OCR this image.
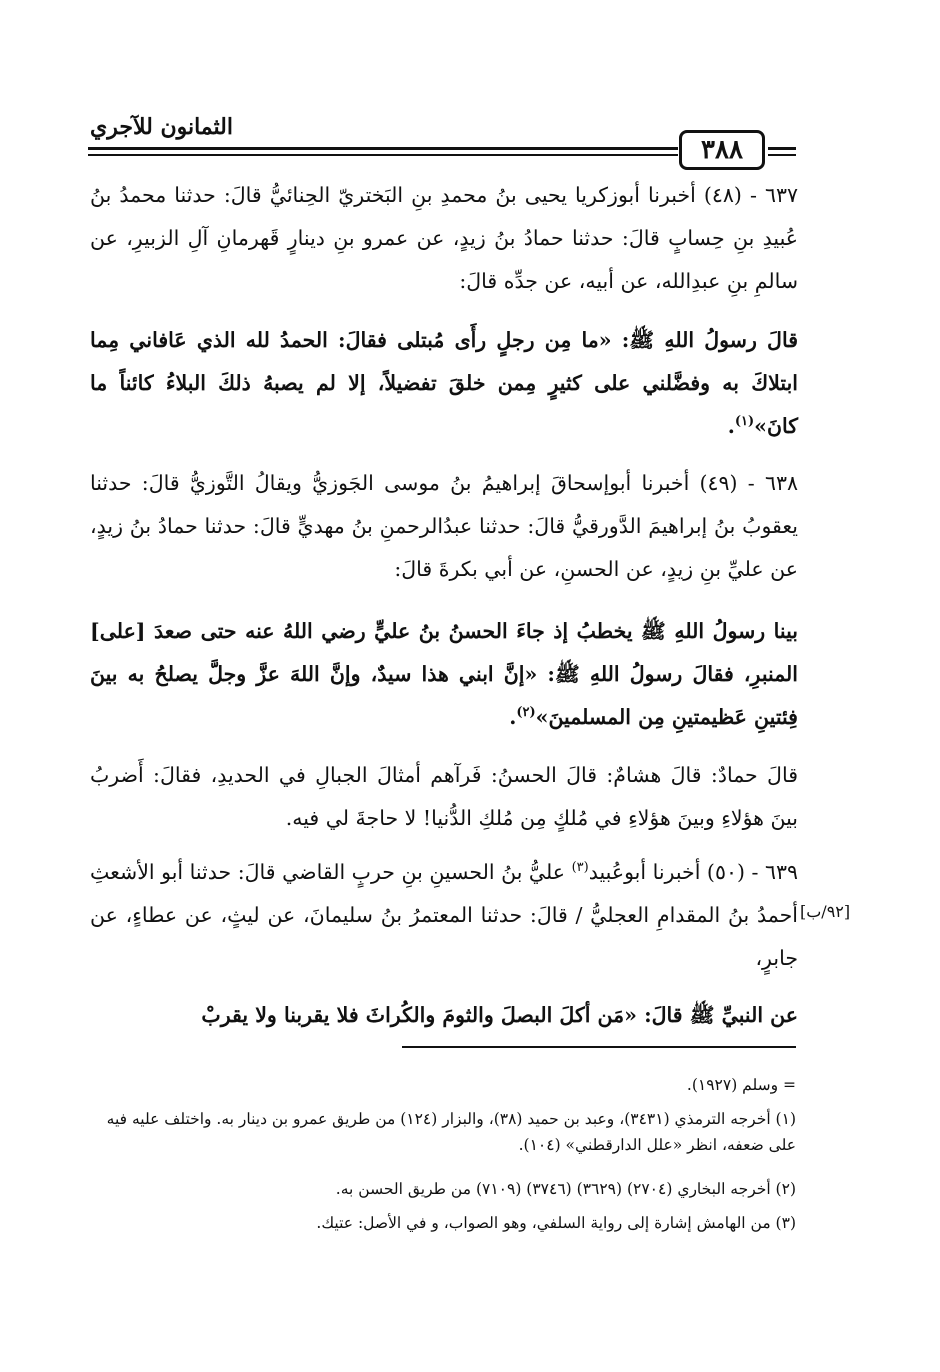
الثمانون للآجري
٣٨٨

٦٣٧ - (٤٨) أخبرنا أبوزكريا يحيى بنُ محمدِ بنِ البَختريّ الحِنائيُّ قالَ: حدثنا محمدُ بنُ عُبيدِ بنِ حِسابٍ قالَ: حدثنا حمادُ بنُ زيدٍ، عن عمرو بنِ دينارٍ قَهرمانِ آلِ الزبيرِ، عن سالمِ بنِ عبدِالله، عن أبيه، عن جدِّه قالَ:

قالَ رسولُ اللهِ ﷺ: «ما مِن رجلٍ رأَى مُبتلى فقالَ: الحمدُ لله الذي عَافاني مِما ابتلاكَ به وفضَّلني على كثيرٍ مِمن خلقَ تفضيلاً، إلا لم يصبهُ ذلكَ البلاءُ كائناً ما كانَ»$^{(١)}$.

٦٣٨ - (٤٩) أخبرنا أبوإسحاقَ إبراهيمُ بنُ موسى الجَوزيُّ ويقالُ التَّوزيُّ قالَ: حدثنا يعقوبُ بنُ إبراهيمَ الدَّورقيُّ قالَ: حدثنا عبدُالرحمنِ بنُ مهديٍّ قالَ: حدثنا حمادُ بنُ زيدٍ، عن عليِّ بنِ زيدٍ، عن الحسنِ، عن أبي بكرةَ قالَ:

بينا رسولُ اللهِ ﷺ يخطبُ إذ جاءَ الحسنُ بنُ عليٍّ رضي اللهُ عنه حتى صعدَ [على] المنبرِ، فقالَ رسولُ اللهِ ﷺ: «إنَّ ابني هذا سيدٌ، وإنَّ اللهَ عزَّ وجلَّ يصلحُ به بينَ فِئتينِ عَظيمتينِ مِن المسلمينَ»$^{(٢)}$.

قالَ حمادٌ: قالَ هشامٌ: قالَ الحسنُ: فَرآهم أمثالَ الجبالِ في الحديدِ، فقالَ: أَضربُ بينَ هؤلاءِ وبينَ هؤلاءِ في مُلكٍ مِن مُلكِ الدُّنيا! لا حاجةَ لي فيه.

٦٣٩ - (٥٠) أخبرنا أبوعُبيد$^{(٣)}$ عليُّ بنُ الحسينِ بنِ حربٍ القاضي قالَ: حدثنا أبو الأشعثِ أحمدُ بنُ المقدامِ العجليُّ / قالَ: حدثنا المعتمرُ بنُ سليمانَ، عن ليثٍ، عن عطاءٍ، عن جابرٍ،

[٩٢/ب]

عن النبيِّ ﷺ قالَ: «مَن أكلَ البصلَ والثومَ والكُراثَ فلا يقربنا ولا يقربْ

= وسلم (١٩٢٧).
(١) أخرجه الترمذي (٣٤٣١)، وعبد بن حميد (٣٨)، والبزار (١٢٤) من طريق عمرو بن دينار به. واختلف عليه فيه على ضعفه، انظر «علل الدارقطني» (١٠٤).
(٢) أخرجه البخاري (٢٧٠٤) (٣٦٢٩) (٣٧٤٦) (٧١٠٩) من طريق الحسن به.
(٣) من الهامش إشارة إلى رواية السلفي، وهو الصواب، و في الأصل: عتيك.
